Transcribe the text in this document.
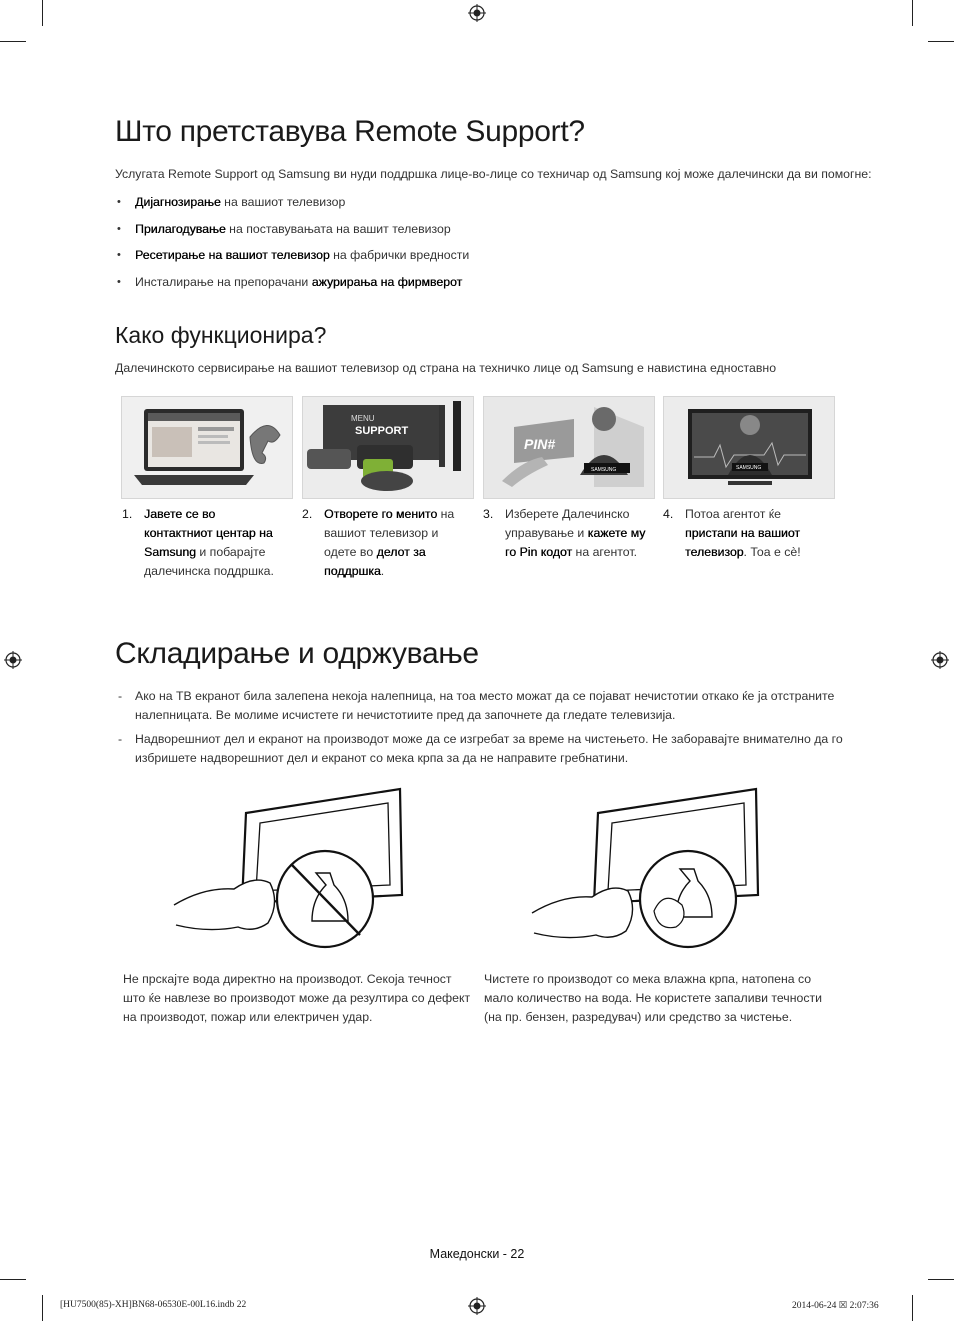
Што претставува Remote Support?
Услугата Remote Support од Samsung ви нуди поддршка лице-во-лице со техничар од Samsung кој може далечински да ви помогне:
• Дијагнозирање на вашиот телевизор
• Прилагодување на поставувањата на вашит телевизор
• Ресетирање на вашиот телевизор на фабрички вредности
• Инсталирање на препорачани ажурирања на фирмверот
Како функционира?
Далечинското сервисирање на вашиот телевизор од страна на техничко лице од Samsung е навистина едноставно
MENU
SUPPORT
PIN#
SAMSUNG	SAMSUNG
1. Јавете се во контактниот центар на Samsung и побарајте далечинска поддршка.
2. Отворете го менито на вашиот телевизор и одете во делот за поддршка.
3. Изберете Далечинско управување и кажете му го Pin кодот на агентот.
4. Потоа агентот ќе пристапи на вашиот телевизор. Тоа е сè!
Складирање и одржување
- Ако на ТВ екранот била залепена некоја налепница, на тоа место можат да се појават нечистотии откако ќе ја отстраните налепницата. Ве молиме исчистете ги нечистотиите пред да започнете да гледате телевизија.
- Надворешниот дел и екранот на производот може да се изгребат за време на чистењето. Не заборавајте внимателно да го избришете надворешниот дел и екранот со мека крпа за да не направите гребнатини.
Не прскајте вода директно на производот. Секоја течност што ќе навлезе во производот може да резултира со дефект на производот, пожар или електричен удар.
Чистете го производот со мека влажна крпа, натопена со мало количество на вода. Не користете запаливи течности (на пр. бензен, разредувач) или средство за чистење.
Македонски - 22
[HU7500(85)-XH]BN68-06530E-00L16.indb 22	2014-06-24 ☒ 2:07:36
